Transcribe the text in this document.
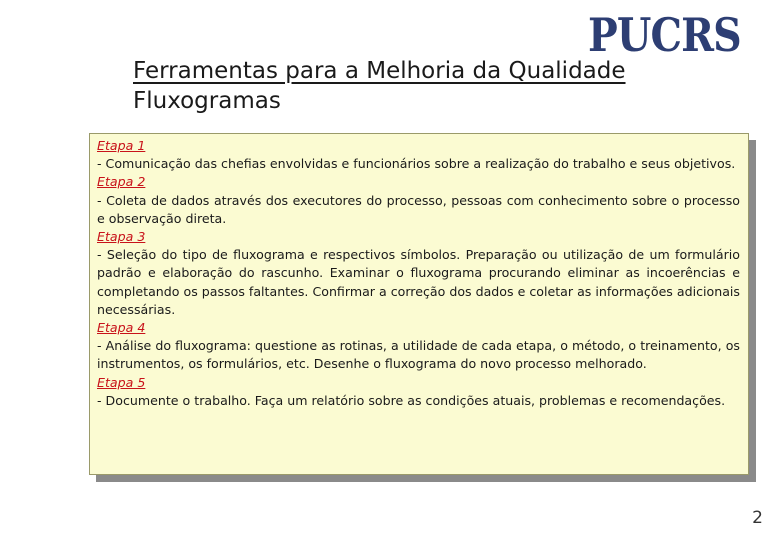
PUCRS
Ferramentas para a Melhoria da Qualidade
Fluxogramas
Etapa 1
- Comunicação das chefias envolvidas e funcionários sobre a realização do trabalho e seus objetivos.
Etapa 2
- Coleta de dados através dos executores do processo, pessoas com conhecimento sobre o processo e observação direta.
Etapa 3
- Seleção do tipo de fluxograma e respectivos símbolos. Preparação ou utilização de um formulário padrão e elaboração do rascunho. Examinar o fluxograma procurando eliminar as incoerências e completando os passos faltantes. Confirmar a correção dos dados e coletar as informações adicionais necessárias.
Etapa 4
- Análise do fluxograma: questione as rotinas, a utilidade de cada etapa, o método, o treinamento, os instrumentos, os formulários, etc. Desenhe o fluxograma do novo processo melhorado.
Etapa 5
- Documente o trabalho. Faça um relatório sobre as condições atuais, problemas e recomendações.
2
